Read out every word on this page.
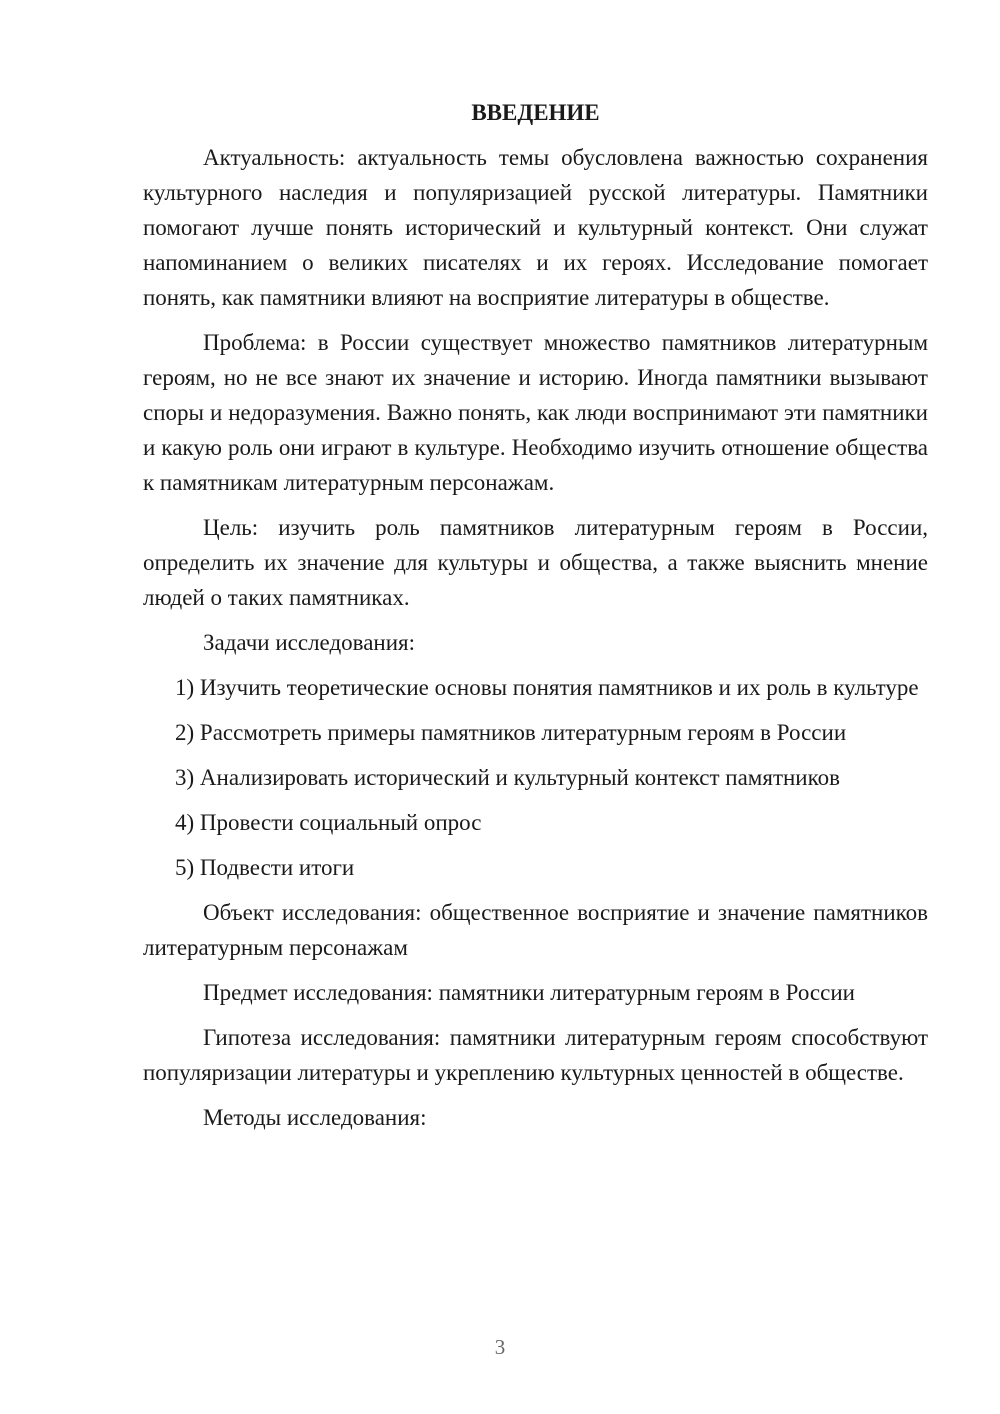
ВВЕДЕНИЕ

Актуальность: актуальность темы обусловлена важностью сохранения культурного наследия и популяризацией русской литературы. Памятники помогают лучше понять исторический и культурный контекст. Они служат напоминанием о великих писателях и их героях. Исследование помогает понять, как памятники влияют на восприятие литературы в обществе.

Проблема: в России существует множество памятников литературным героям, но не все знают их значение и историю. Иногда памятники вызывают споры и недоразумения. Важно понять, как люди воспринимают эти памятники и какую роль они играют в культуре. Необходимо изучить отношение общества к памятникам литературным персонажам.

Цель: изучить роль памятников литературным героям в России, определить их значение для культуры и общества, а также выяснить мнение людей о таких памятниках.

Задачи исследования:

1) Изучить теоретические основы понятия памятников и их роль в культуре

2) Рассмотреть примеры памятников литературным героям в России

3) Анализировать исторический и культурный контекст памятников

4) Провести социальный опрос

5) Подвести итоги

Объект исследования: общественное восприятие и значение памятников литературным персонажам

Предмет исследования: памятники литературным героям в России

Гипотеза исследования: памятники литературным героям способствуют популяризации литературы и укреплению культурных ценностей в обществе.

Методы исследования:

3
